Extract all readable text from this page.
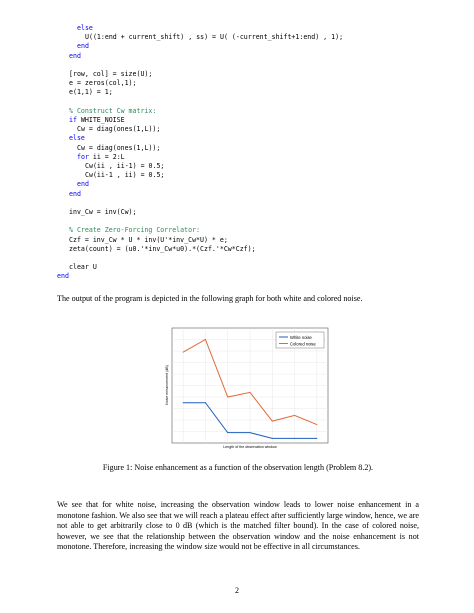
else
U((1:end + current_shift) , ss) = U( (-current_shift+1:end) , 1);
end
end
[row, col] = size(U);
e = zeros(col,1);
e(1,1) = 1;
% Construct Cw matrix:
if WHITE_NOISE
Cw = diag(ones(1,L));
else
Cw = diag(ones(1,L));
for ii = 2:L
Cw(ii , ii-1) = 0.5;
Cw(ii-1 , ii) = 0.5;
end
end
inv_Cw = inv(Cw);
% Create Zero-Forcing Correlator:
Czf = inv_Cw * U * inv(U'*inv_Cw*U) * e;
zeta(count) = (u0.'*inv_Cw*u0).*(Czf.'*Cw*Czf);
clear U
end
The output of the program is depicted in the following graph for both white and colored noise.
White noise
Colored noise
Length of the observation window
Noise enhancement (dB)
Figure 1: Noise enhancement as a function of the observation length (Problem 8.2).
We see that for white noise, increasing the observation window leads to lower noise enhancement in a monotone fashion. We also see that we will reach a plateau effect after sufficiently large window, hence, we are not able to get arbitrarily close to 0 dB (which is the matched filter bound). In the case of colored noise, however, we see that the relationship between the observation window and the noise enhancement is not monotone. Therefore, increasing the window size would not be effective in all circumstances.
2
